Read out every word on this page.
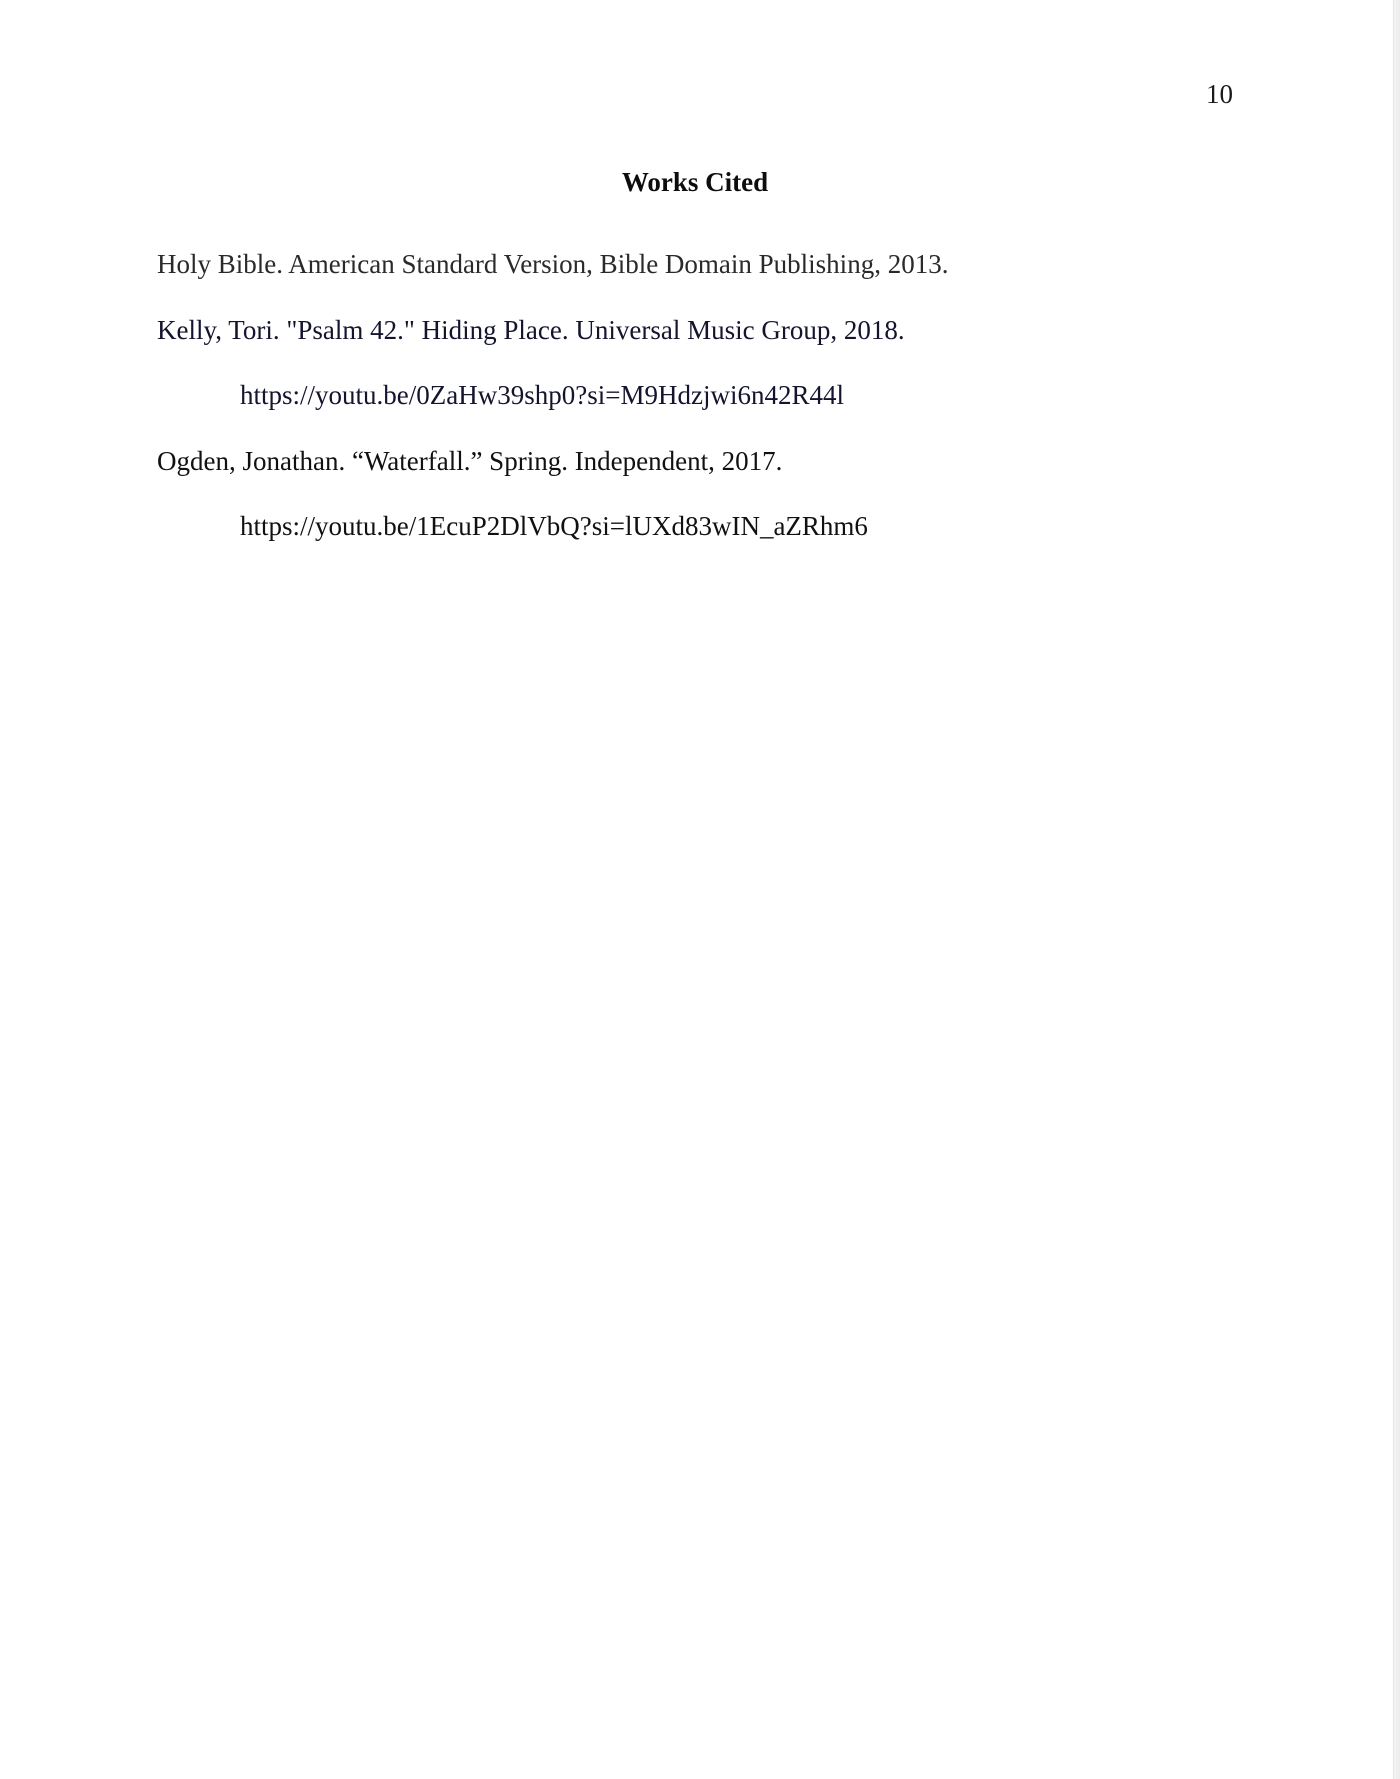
10
Works Cited
Holy Bible. American Standard Version, Bible Domain Publishing, 2013.
Kelly, Tori. "Psalm 42." Hiding Place. Universal Music Group, 2018.
https://youtu.be/0ZaHw39shp0?si=M9Hdzjwi6n42R44l
Ogden, Jonathan. “Waterfall.” Spring. Independent, 2017.
https://youtu.be/1EcuP2DlVbQ?si=lUXd83wIN_aZRhm6
